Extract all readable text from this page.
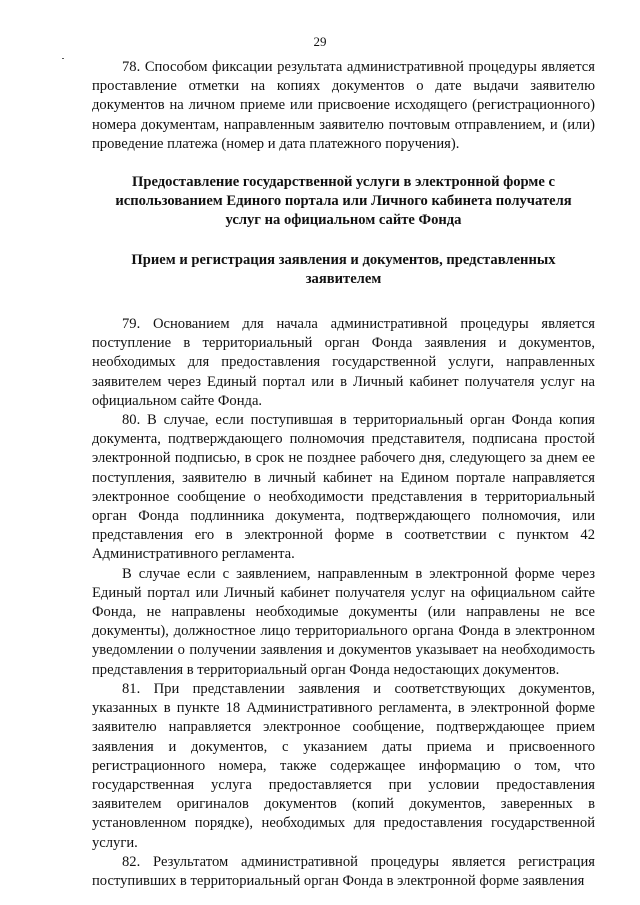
29

78. Способом фиксации результата административной процедуры является проставление отметки на копиях документов о дате выдачи заявителю документов на личном приеме или присвоение исходящего (регистрационного) номера документам, направленным заявителю почтовым отправлением, и (или) проведение платежа (номер и дата платежного поручения).

Предоставление государственной услуги в электронной форме с использованием Единого портала или Личного кабинета получателя услуг на официальном сайте Фонда

Прием и регистрация заявления и документов, представленных заявителем

79. Основанием для начала административной процедуры является поступление в территориальный орган Фонда заявления и документов, необходимых для предоставления государственной услуги, направленных заявителем через Единый портал или в Личный кабинет получателя услуг на официальном сайте Фонда.

80. В случае, если поступившая в территориальный орган Фонда копия документа, подтверждающего полномочия представителя, подписана простой электронной подписью, в срок не позднее рабочего дня, следующего за днем ее поступления, заявителю в личный кабинет на Едином портале направляется электронное сообщение о необходимости представления в территориальный орган Фонда подлинника документа, подтверждающего полномочия, или представления его в электронной форме в соответствии с пунктом 42 Административного регламента.

В случае если с заявлением, направленным в электронной форме через Единый портал или Личный кабинет получателя услуг на официальном сайте Фонда, не направлены необходимые документы (или направлены не все документы), должностное лицо территориального органа Фонда в электронном уведомлении о получении заявления и документов указывает на необходимость представления в территориальный орган Фонда недостающих документов.

81. При представлении заявления и соответствующих документов, указанных в пункте 18 Административного регламента, в электронной форме заявителю направляется электронное сообщение, подтверждающее прием заявления и документов, с указанием даты приема и присвоенного регистрационного номера, также содержащее информацию о том, что государственная услуга предоставляется при условии предоставления заявителем оригиналов документов (копий документов, заверенных в установленном порядке), необходимых для предоставления государственной услуги.

82. Результатом административной процедуры является регистрация поступивших в территориальный орган Фонда в электронной форме заявления
